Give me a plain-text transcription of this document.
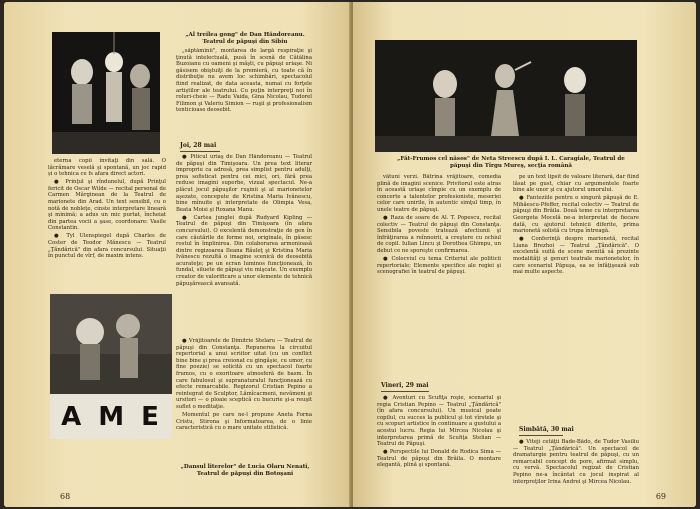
„Al treilea gong" de Dan Hăndoreanu. Teatrul de păpuşi din Sibiu

„săptămînii", montarea de largă respiraţie şi ţinută intelectuală, pusă în scenă de Cătălina Buzoianu cu oameni şi măşti, cu păpuşi uriaşe. Ni găsisem obiştuiţi de la premieră, cu toate că în distribuţie nu avem loc schimbări, spectacolul fiind realizat, de data aceasta, numai cu forţele artiştilor ale teatrului. Cu puţin interpreţi noi în roluri-cheie — Radu Vaida, Gina Nicolau, Tudorel Filimon şi Valeriu Simion — ruşii şi profesionalism tenticioase deosebit.

Joi, 28 mai

● Piticul uriaş de Dan Hăndoreanu — Teatrul de păpuşi din Timişoara. Un prea text literar impropriu ca adresă, prea simplist pentru adulţi, prea sofisticat pentru cei mici, ori, fără prea reduse imagini superbe, vizual spectacul. Ne-a plăcut jocul păpuşilor ruşinii şi al marionetelor aşezate, concepute de Kristina Maria Ivănescu, bine mînuite şi interpretate de Olimpia Vesa, Beata Moisi şi Roxana Manu.

● Cartea junglei după Rudyard Kipling — Teatrul de păpuşi din Timişoara (în afara concursului). O excelentă demonstraţie de gen în care căutările de forme noi, originale, în găsesc rostul în împlinirea. Din colaborarea armonioasă dintre regizoarea Ileana Răuleţ şi Kristina Maria Ivănescu rezultă o imagine scenică de deosebită acurateţe; pe un ecran luminos funcţionează, în fundal, siluete de păpuşi viu mişcate. Un exemplu creator de valorificare a unor elemente de tehnică păpuşărească avansată.

eterna copii invitaţi din sală. O lăcrămare veselă şi spontană, un joc rapid și o tehnica ce fs afara direct actori.

● Prinţul şi rîndunelul, după Prinţul fericit de Oscar Wilde — recital personal de Carmen Mărginean de la Teatrul de marionete din Arad. Un text sensibil, cu o notă de nobleţe, cinste interpretare lineară şi minimă; a adus un mic purtat, încheiat din partea vocii a şase, coordonare: Vasile Constantin.

● Tyl Ulenspiegel după Charles de Coster de Teodor Mănescu — Teatrul „Ţăndărică" din afara concursului. Situaţii în punctul de vîrf, de maxim intens.

A M E

● Vrăjitoarele de Dimitrie Stelaru — Teatrul de păpuşi din Constanţa. Repunerea la circuitul repertorial a unui scriitor uitat (cu un conflict bine bine şi prea creionat cu gingăşie, cu umor, cu fine poezie) se solicită cu un spectacol foarte frumos, cu o exoritoare atmosferă de basm. În care fabulosul şi supranaturalul funcţionează cu efecte remarcabile. Regizorul Cristian Pepino a reintegrat de Sculptor, Lămîcacmeni, nevămeni şi ursitori — o ploaie sceptică cu bucurie şi-a reuşit suflet o meditaţie.

Momentul pe care ne-l propune Aneta Forna Cristu, Stirona şi Informatoarea, de o linie caracteristică cu o mare unitate stilistică.

„Dansul literelor" de Lucia Olaru Nenati, Teatrul de păpuşi din Botoşani
68
„Făt-Frumos cel năsos" de Neta Streescu după I. L. Caragiale, Teatrul de păpuşi din Tîrgu Mureş, secţia română

vătuni verzi. Bătrîna vrăjitoare, comedia plină de imagini scenice. Privitorul este atras în această uriaşe cîmpie cu un exemplu de concerte a talentelor profesioniste, meseriei celor care unirile, în autentic simţul timp, în unele teatre de păpuşi.

● Raza de soare de Al. T. Popescu, recital colectiv — Teatrul de păpuşi din Constanţa. Sensibila poveste tratează afectiunii şi înfrăţirarea a reînnoirii, a creştere cu ochiul de copil. Iulian Lincu şi Dorothea Ghimpu, un debut ce ne sporeşte confirmarea.

● Colocviul cu tema Criteriul ale politicii repertoriale; Elemente specifice ale regiei şi scenografiei în teatrul de păpuşi.

Vineri, 29 mai

● Aventuri cu Scufiţa roşie, scenariul şi regia Cristian Pepino — Teatrul „Ţăndărică" (în afara concursului). Un musical poate copilul, cu succes la publicul şi tot vîrstele şi cu scopuri artistice în continuare a gustului a acestui lucru. Regia lui Mircea Nicolau şi interpretarea primă de Scufiţa Stelian — Teatrul de Păpuşi.

● Perspectile lui Donald de Rodica Sima — Teatrul de păpuşi din Brăila. O montare elegantă, plină şi spontană.

pe un text lipsit de valoare literară, dar fiind lăsat pe gust, chiar cu argumentele foarte bine ale unor şi cu ajutorul umorului.

● Fanteziile pentru o singură păpuşă de E. Mihăescu-Pfeffer, recital colectiv — Teatrul de păpuşi din Brăila. Două teme cu interpretarea Georgeta Mocelă ne-a interpretat de fiecare dată, cu ajutorul tehnicii diferite, prima marionetă solistă cu trupa întreagă.

● Conferinţă despre marionetă, recital Liana Brezhoi — Teatrul „Ţăndărică". O excelentă suită de scene menită să prezinte modalităţi şi genuri teatrale marionetelor, în care scenariul Păpuşa, ea se înfăţişează sub mai multe aspecte.

Simbătă, 30 mai

● Viteji cetăţii Bade-Bădo, de Tudor Vasiliu — Teatrul „Ţăndărică". Un spectacol de dramaturgie pentru teatrul de păpuşi, cu un remarcabil concept de pore, afirmat simplu, cu vervă. Spectacolul regizat de Cristian Pepino ne-a încântat cu jocul inspirat al interpreţilor Irina Andrei şi Mircea Nicolau.

69
